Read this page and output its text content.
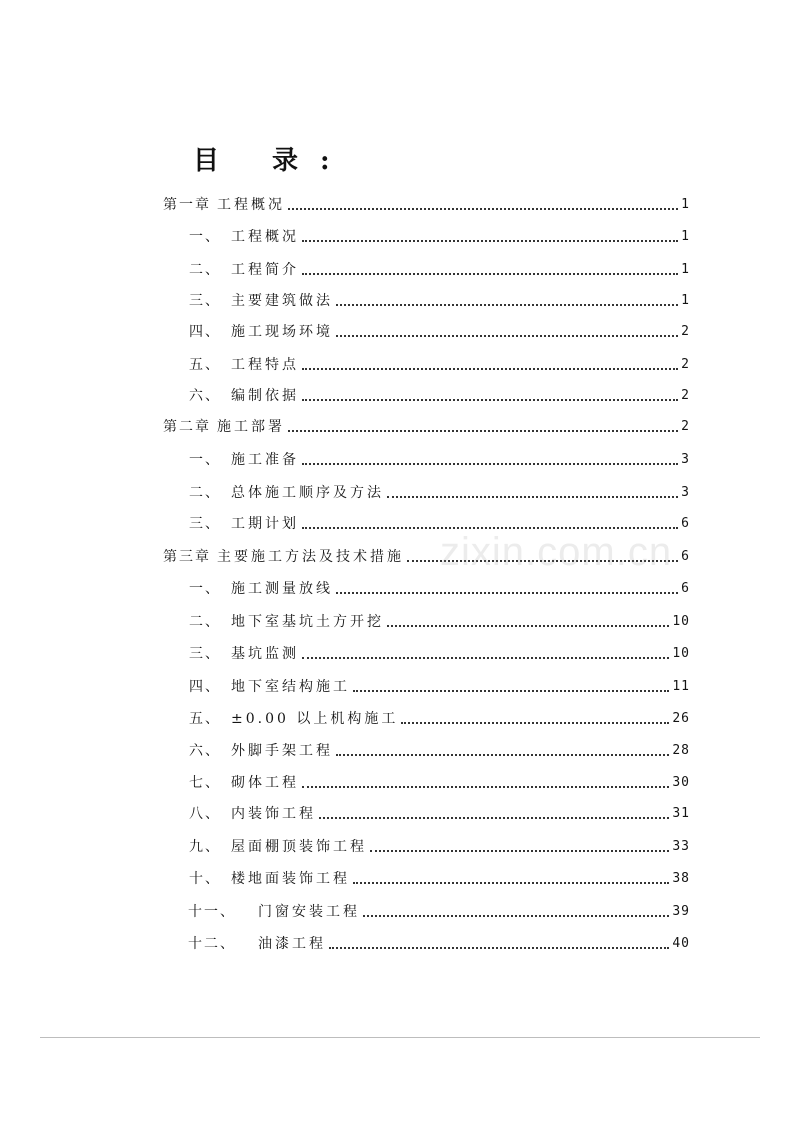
目 录:
第一章 工程概况	1
一、 工程概况	1
二、 工程简介	1
三、 主要建筑做法	1
四、 施工现场环境	2
五、 工程特点	2
六、 编制依据	2
第二章 施工部署	2
一、 施工准备	3
二、 总体施工顺序及方法	3
三、 工期计划	6
第三章 主要施工方法及技术措施	6
一、 施工测量放线	6
二、 地下室基坑土方开挖	10
三、 基坑监测	10
四、 地下室结构施工	11
五、 ±0.00 以上机构施工	26
六、 外脚手架工程	28
七、 砌体工程	30
八、 内装饰工程	31
九、 屋面棚顶装饰工程	33
十、 楼地面装饰工程	38
十一、	门窗安装工程	39
十二、	油漆工程	40
zixin.com.cn
